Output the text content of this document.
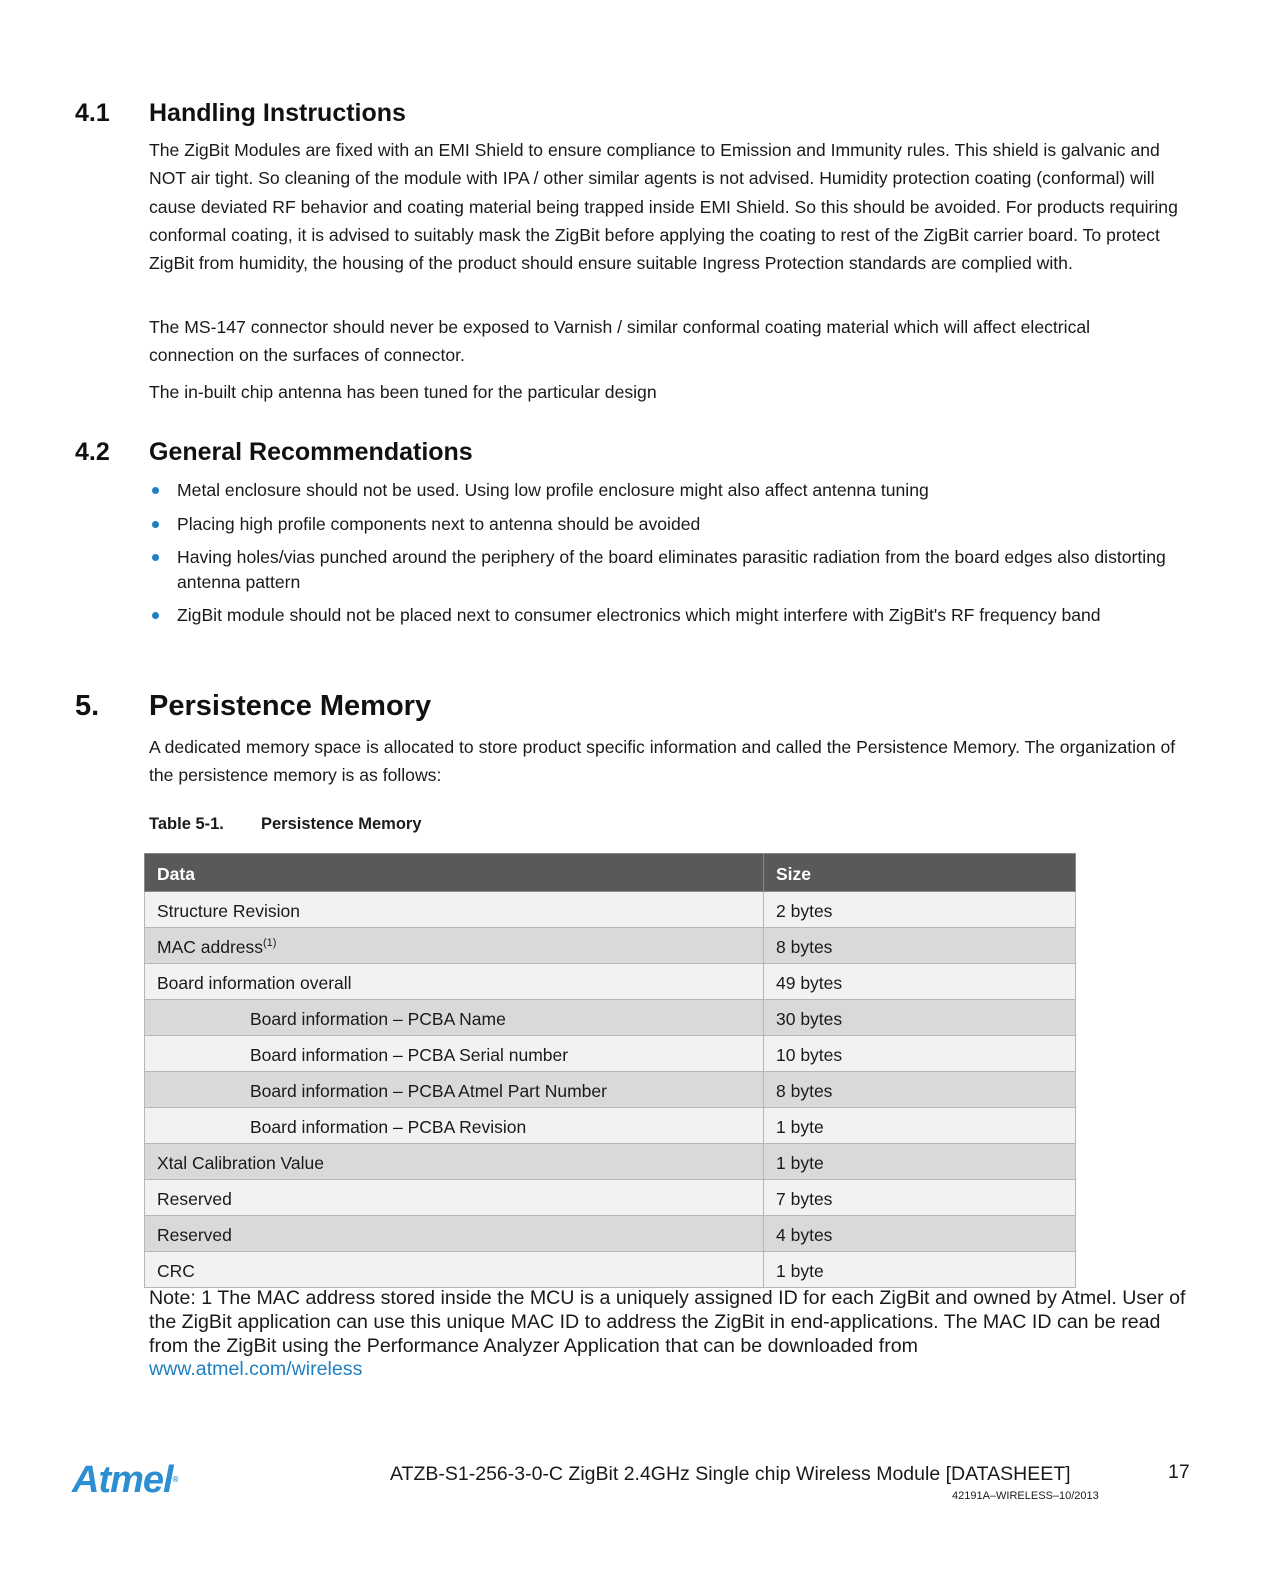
4.1 Handling Instructions

The ZigBit Modules are fixed with an EMI Shield to ensure compliance to Emission and Immunity rules. This shield is galvanic and NOT air tight. So cleaning of the module with IPA / other similar agents is not advised. Humidity protection coating (conformal) will cause deviated RF behavior and coating material being trapped inside EMI Shield. So this should be avoided. For products requiring conformal coating, it is advised to suitably mask the ZigBit before applying the coating to rest of the ZigBit carrier board. To protect ZigBit from humidity, the housing of the product should ensure suitable Ingress Protection standards are complied with.

The MS-147 connector should never be exposed to Varnish / similar conformal coating material which will affect electrical connection on the surfaces of connector.

The in-built chip antenna has been tuned for the particular design

4.2 General Recommendations
Metal enclosure should not be used. Using low profile enclosure might also affect antenna tuning
Placing high profile components next to antenna should be avoided
Having holes/vias punched around the periphery of the board eliminates parasitic radiation from the board edges also distorting antenna pattern
ZigBit module should not be placed next to consumer electronics which might interfere with ZigBit's RF frequency band
5. Persistence Memory

A dedicated memory space is allocated to store product specific information and called the Persistence Memory. The organization of the persistence memory is as follows:

Table 5-1. Persistence Memory
Data	Size
Structure Revision	2 bytes
MAC address$^{(1)}$	8 bytes
Board information overall	49 bytes
Board information – PCBA Name	30 bytes
Board information – PCBA Serial number	10 bytes
Board information – PCBA Atmel Part Number	8 bytes
Board information – PCBA Revision	1 byte
Xtal Calibration Value	1 byte
Reserved	7 bytes
Reserved	4 bytes
CRC	1 byte

Note: 1 The MAC address stored inside the MCU is a uniquely assigned ID for each ZigBit and owned by Atmel. User of the ZigBit application can use this unique MAC ID to address the ZigBit in end-applications. The MAC ID can be read from the ZigBit using the Performance Analyzer Application that can be downloaded from
www.atmel.com/wireless

Atmel®	ATZB-S1-256-3-0-C ZigBit 2.4GHz Single chip Wireless Module [DATASHEET]	17
42191A–WIRELESS–10/2013
